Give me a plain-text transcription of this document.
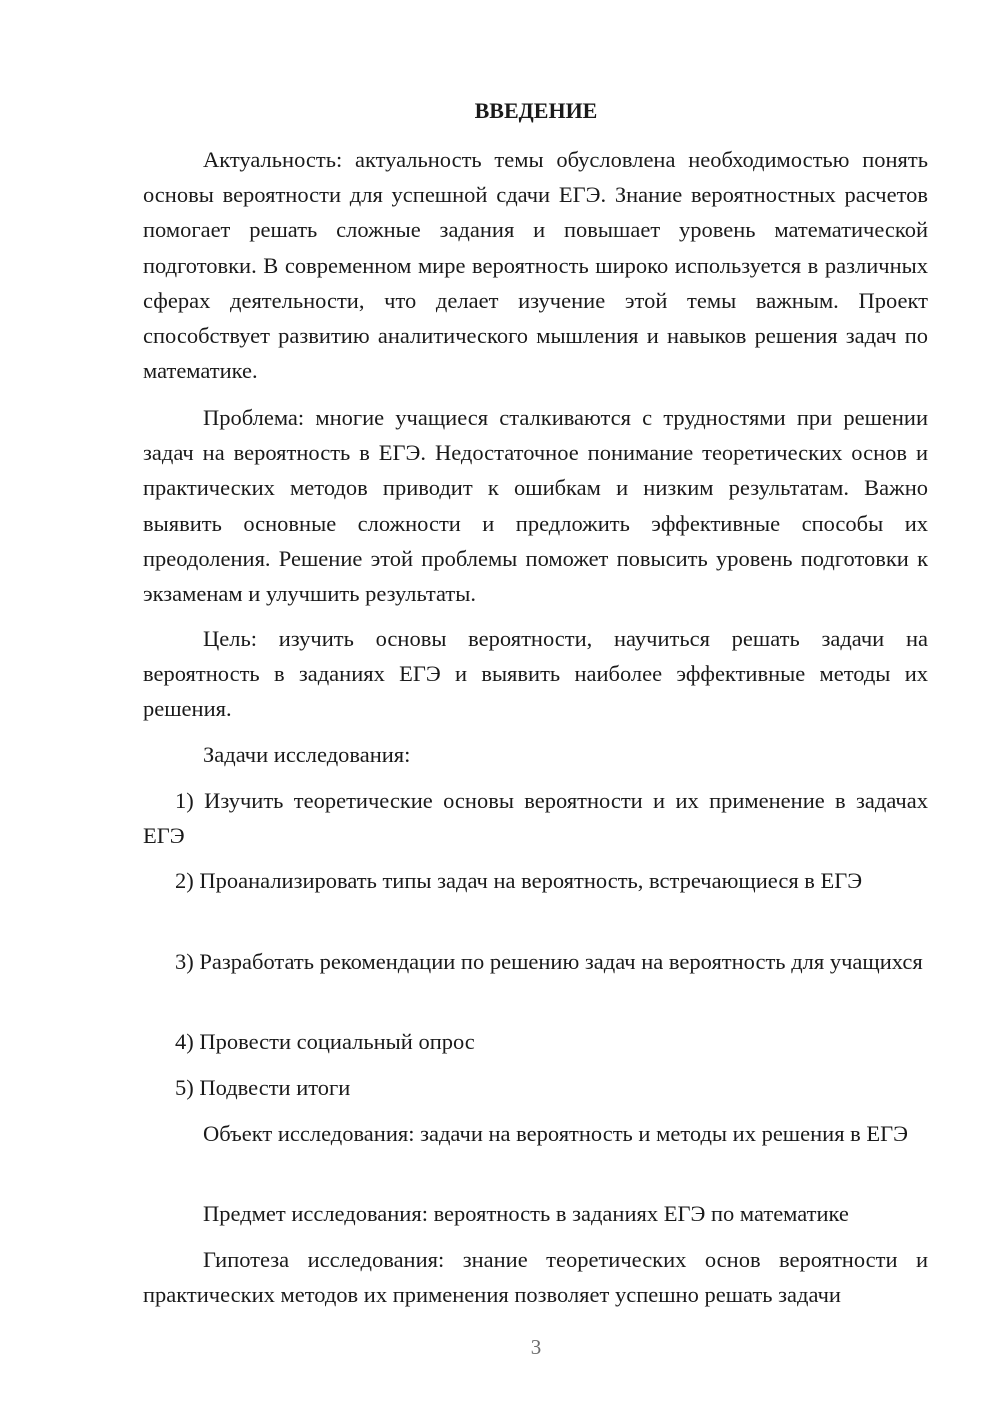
ВВЕДЕНИЕ

Актуальность: актуальность темы обусловлена необходимостью понять основы вероятности для успешной сдачи ЕГЭ. Знание вероятностных расчетов помогает решать сложные задания и повышает уровень математической подготовки. В современном мире вероятность широко используется в различных сферах деятельности, что делает изучение этой темы важным. Проект способствует развитию аналитического мышления и навыков решения задач по математике.

Проблема: многие учащиеся сталкиваются с трудностями при решении задач на вероятность в ЕГЭ. Недостаточное понимание теоретических основ и практических методов приводит к ошибкам и низким результатам. Важно выявить основные сложности и предложить эффективные способы их преодоления. Решение этой проблемы поможет повысить уровень подготовки к экзаменам и улучшить результаты.

Цель: изучить основы вероятности, научиться решать задачи на вероятность в заданиях ЕГЭ и выявить наиболее эффективные методы их решения.

Задачи исследования:

1) Изучить теоретические основы вероятности и их применение в задачах ЕГЭ

2) Проанализировать типы задач на вероятность, встречающиеся в ЕГЭ

3) Разработать рекомендации по решению задач на вероятность для учащихся

4) Провести социальный опрос

5) Подвести итоги

Объект исследования: задачи на вероятность и методы их решения в ЕГЭ

Предмет исследования: вероятность в заданиях ЕГЭ по математике

Гипотеза исследования: знание теоретических основ вероятности и практических методов их применения позволяет успешно решать задачи

3
